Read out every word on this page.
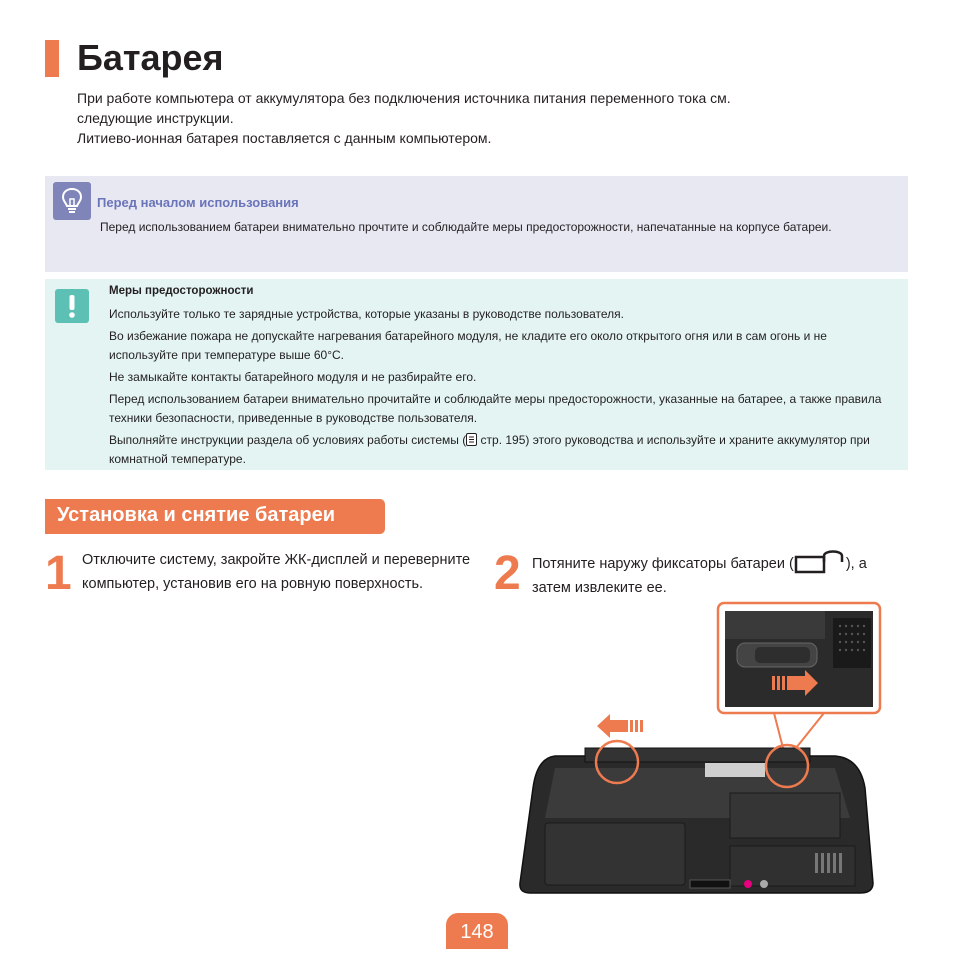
Батарея

При работе компьютера от аккумулятора без подключения источника питания переменного тока см.

следующие инструкции.

Литиево-ионная батарея поставляется с данным компьютером.

Перед началом использования
Перед использованием батареи внимательно прочтите и соблюдайте меры предосторожности, напечатанные на корпусе батареи.
Меры предосторожности

Используйте только те зарядные устройства, которые указаны в руководстве пользователя.

Во избежание пожара не допускайте нагревания батарейного модуля, не кладите его около открытого огня или в сам огонь и не используйте при температуре выше 60°C.

Не замыкайте контакты батарейного модуля и не разбирайте его.

Перед использованием батареи внимательно прочитайте и соблюдайте меры предосторожности, указанные на батарее, а также правила техники безопасности, приведенные в руководстве пользователя.

Выполняйте инструкции раздела об условиях работы системы ( стр. 195) этого руководства и используйте и храните аккумулятор при комнатной температуре.

Установка и снятие батареи
1 Отключите систему, закройте ЖК-дисплей и переверните компьютер, установив его на ровную поверхность.	2 Потяните наружу фиксаторы батареи (	), а затем извлеките ее.
148
